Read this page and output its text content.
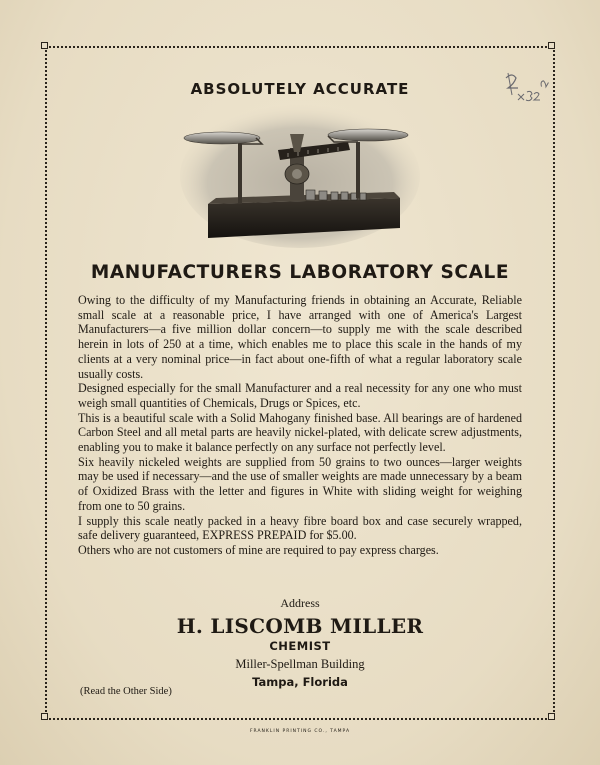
ABSOLUTELY ACCURATE
MANUFACTURERS LABORATORY SCALE

Owing to the difficulty of my Manufacturing friends in obtaining an Accurate, Reliable small scale at a reasonable price, I have arranged with one of America's Largest Manufacturers—a five million dollar concern—to supply me with the scale described herein in lots of 250 at a time, which enables me to place this scale in the hands of my clients at a very nominal price—in fact about one-fifth of what a regular laboratory scale usually costs.

Designed especially for the small Manufacturer and a real necessity for any one who must weigh small quantities of Chemicals, Drugs or Spices, etc.

This is a beautiful scale with a Solid Mahogany finished base. All bearings are of hardened Carbon Steel and all metal parts are heavily nickel-plated, with delicate screw adjustments, enabling you to make it balance perfectly on any surface not perfectly level.

Six heavily nickeled weights are supplied from 50 grains to two ounces—larger weights may be used if necessary—and the use of smaller weights are made unnecessary by a beam of Oxidized Brass with the letter and figures in White with sliding weight for weighing from one to 50 grains.

I supply this scale neatly packed in a heavy fibre board box and case securely wrapped, safe delivery guaranteed, EXPRESS PREPAID for $5.00.

Others who are not customers of mine are required to pay express charges.

Address
H. LISCOMB MILLER
CHEMIST
Miller-Spellman Building
Tampa, Florida
(Read the Other Side)
FRANKLIN PRINTING CO., TAMPA
